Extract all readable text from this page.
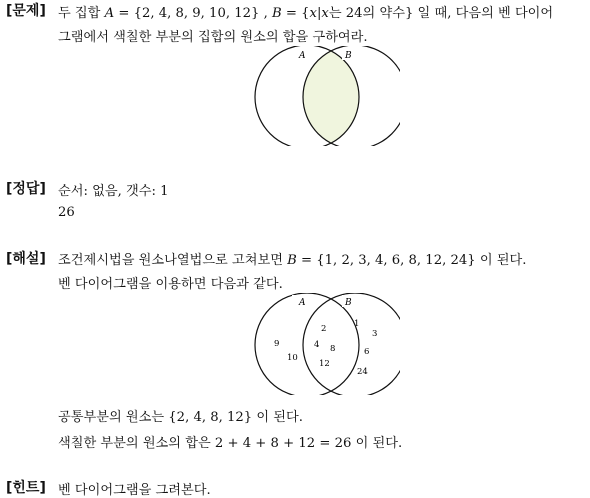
[문제] 두 집합 A = {2, 4, 8, 9, 10, 12} , B = {x|x는 24의 약수} 일 때, 다음의 벤 다이어
그램에서 색칠한 부분의 집합의 원소의 합을 구하여라.
A	B
[정답] 순서: 없음, 갯수: 1
26
[해설] 조건제시법을 원소나열법으로 고쳐보면 B = {1, 2, 3, 4, 6, 8, 12, 24} 이 된다.
벤 다이어그램을 이용하면 다음과 같다.
A	B
9
10
2
4 8
12
1
3
6
24
공통부분의 원소는 {2, 4, 8, 12} 이 된다.
색칠한 부분의 원소의 합은 2 + 4 + 8 + 12 = 26 이 된다.
[힌트] 벤 다이어그램을 그려본다.
